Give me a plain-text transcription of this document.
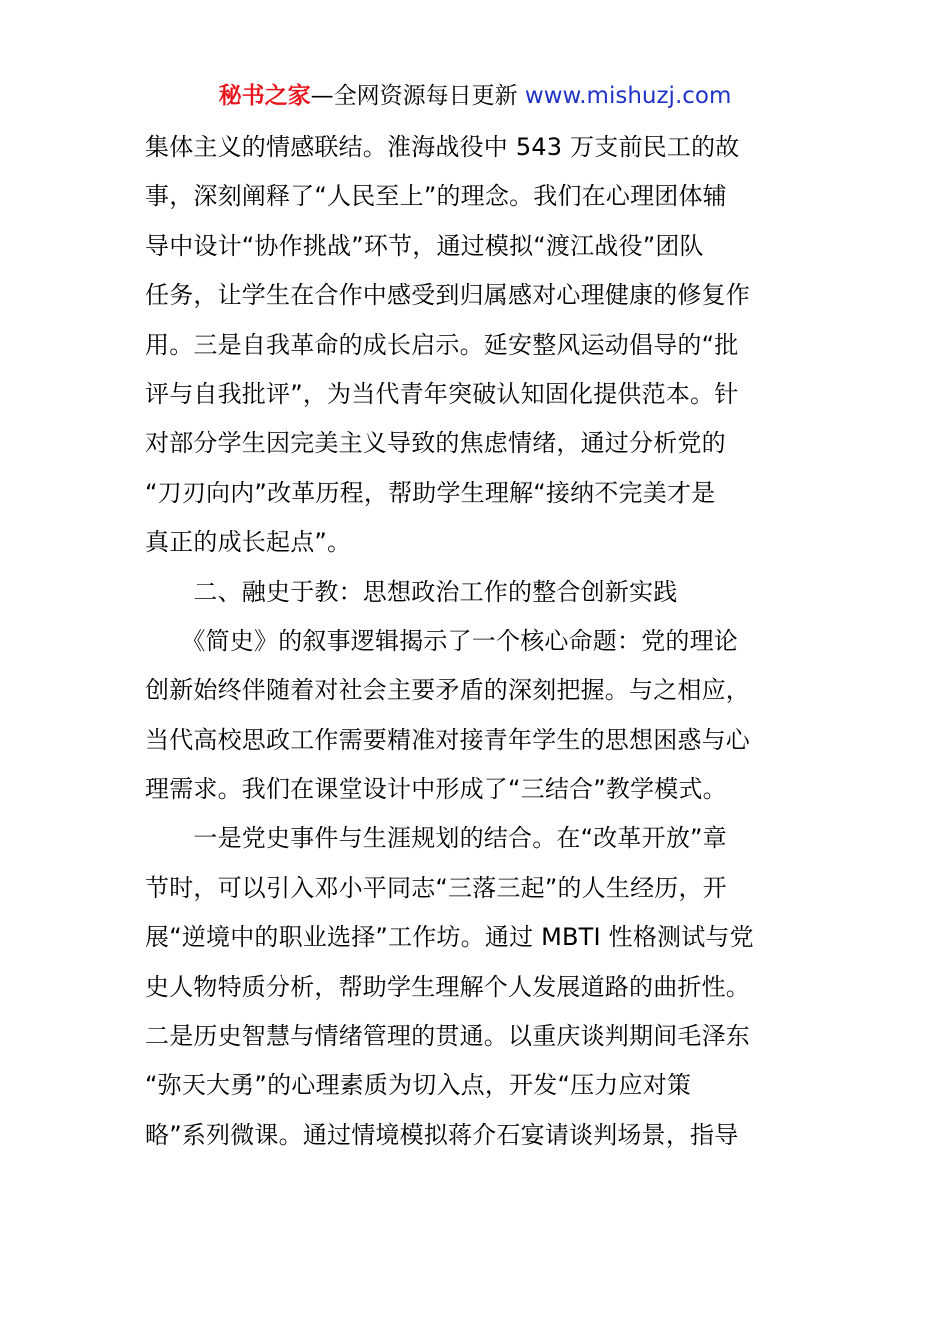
秘书之家—全网资源每日更新 www.mishuzj.com
集体主义的情感联结。淮海战役中 543 万支前民工的故
事，深刻阐释了“人民至上”的理念。我们在心理团体辅
导中设计“协作挑战”环节，通过模拟“渡江战役”团队
任务，让学生在合作中感受到归属感对心理健康的修复作
用。三是自我革命的成长启示。延安整风运动倡导的“批
评与自我批评”，为当代青年突破认知固化提供范本。针
对部分学生因完美主义导致的焦虑情绪，通过分析党的
“刀刃向内”改革历程，帮助学生理解“接纳不完美才是
真正的成长起点”。
　　二、融史于教：思想政治工作的整合创新实践
　　《简史》的叙事逻辑揭示了一个核心命题：党的理论
创新始终伴随着对社会主要矛盾的深刻把握。与之相应，
当代高校思政工作需要精准对接青年学生的思想困惑与心
理需求。我们在课堂设计中形成了“三结合”教学模式。
　　一是党史事件与生涯规划的结合。在“改革开放”章
节时，可以引入邓小平同志“三落三起”的人生经历，开
展“逆境中的职业选择”工作坊。通过 MBTI 性格测试与党
史人物特质分析，帮助学生理解个人发展道路的曲折性。
二是历史智慧与情绪管理的贯通。以重庆谈判期间毛泽东
“弥天大勇”的心理素质为切入点，开发“压力应对策
略”系列微课。通过情境模拟蒋介石宴请谈判场景，指导
